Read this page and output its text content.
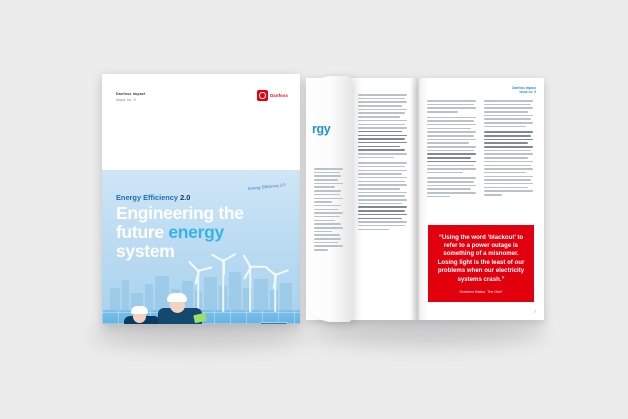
Danfoss Impact
Issue no. 9
Danfoss
Energy Efficiency 2.0
Energy Efficiency 2.0
Engineering the
future energy
system
Danfoss Impact
Issue no. 9
“Using the word ‘blackout’ to refer to a power outage is something of a misnomer. Losing light is the least of our problems when our electricity systems crash.”
Gretchen Bakke, The Grid*
7
rgy
